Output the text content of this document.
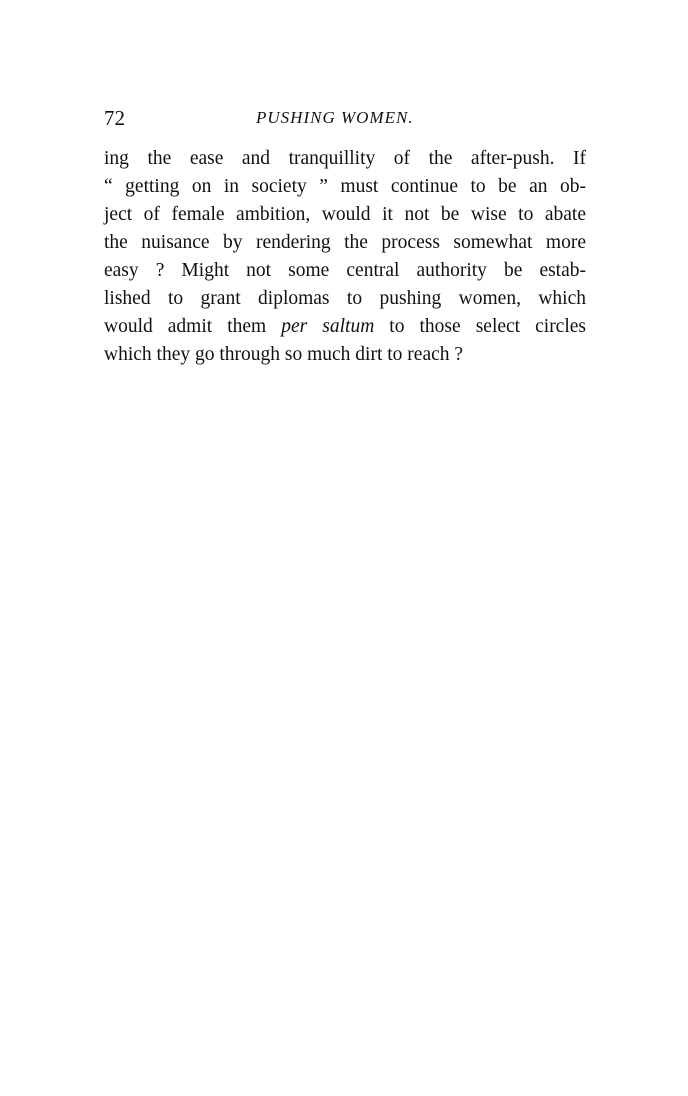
72	PUSHING WOMEN.
ing the ease and tranquillity of the after-push. If
“ getting on in society ” must continue to be an ob-
ject of female ambition, would it not be wise to abate
the nuisance by rendering the process somewhat more
easy ? Might not some central authority be estab-
lished to grant diplomas to pushing women, which
would admit them per saltum to those select circles
which they go through so much dirt to reach ?
